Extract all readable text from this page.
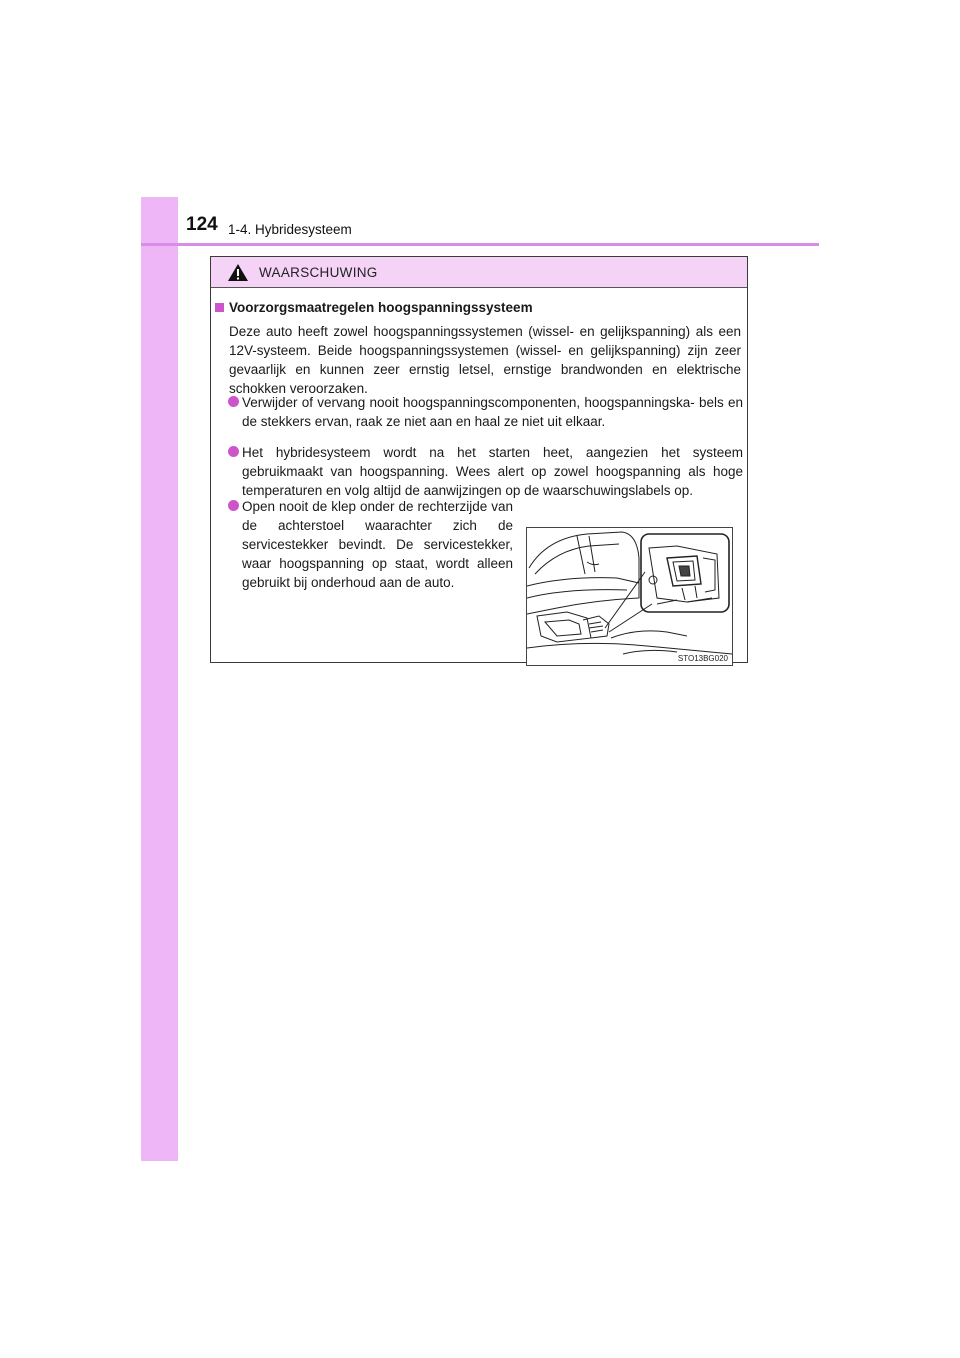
124 1-4. Hybridesysteem
WAARSCHUWING
Voorzorgsmaatregelen hoogspanningssysteem
Deze auto heeft zowel hoogspanningssystemen (wissel- en gelijkspanning) als een 12V-systeem. Beide hoogspanningssystemen (wissel- en gelijkspanning) zijn zeer gevaarlijk en kunnen zeer ernstig letsel, ernstige brandwonden en elektrische schokken veroorzaken.
Verwijder of vervang nooit hoogspanningscomponenten, hoogspanningska- bels en de stekkers ervan, raak ze niet aan en haal ze niet uit elkaar.
Het hybridesysteem wordt na het starten heet, aangezien het systeem gebruikmaakt van hoogspanning. Wees alert op zowel hoogspanning als hoge temperaturen en volg altijd de aanwijzingen op de waarschuwingslabels op.
Open nooit de klep onder de rechterzijde van de achterstoel waarachter zich de servicestekker bevindt. De servicestekker, waar hoogspanning op staat, wordt alleen gebruikt bij onderhoud aan de auto.
STO13BG020
